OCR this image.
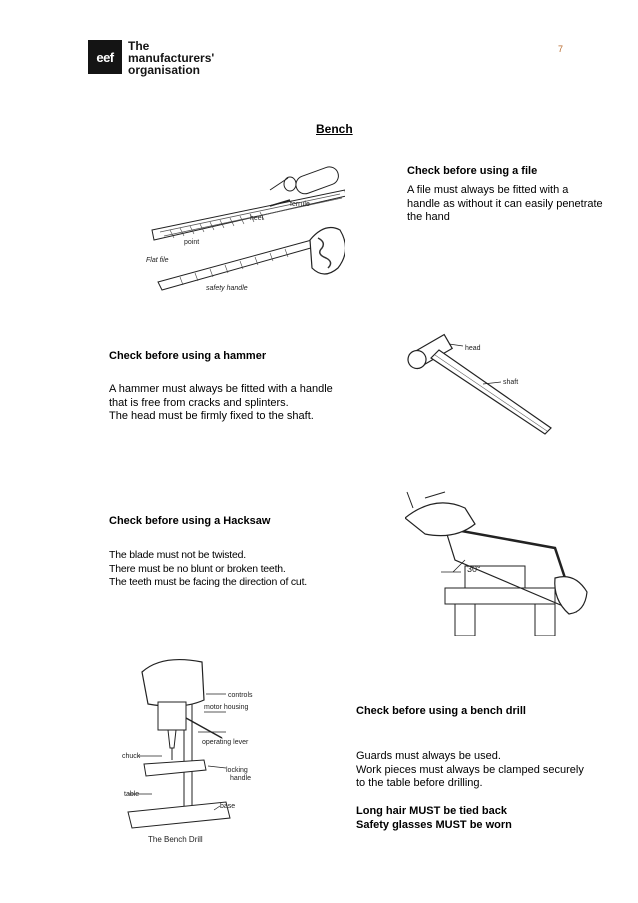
eef
The
manufacturers'
organisation
7
Bench
heel
ferrule
point
Flat file
safety handle
Check before using a file
A file must always be fitted with a
handle as without it can easily penetrate
the hand
Check before using a hammer
A hammer must always be fitted with a handle
that is free from cracks and splinters.
The head must be firmly fixed to the shaft.
head
shaft
Check before using a Hacksaw
The blade must not be twisted.
There must be no blunt or broken teeth.
The teeth must be facing the direction of cut.
30°
controls
motor housing
chuck
operating lever
locking
handle
table
base
The Bench Drill
Check before using a bench drill
Guards must always be used.
Work pieces must always be clamped securely
to the table before drilling.
Long hair MUST be tied back
Safety glasses MUST be worn
